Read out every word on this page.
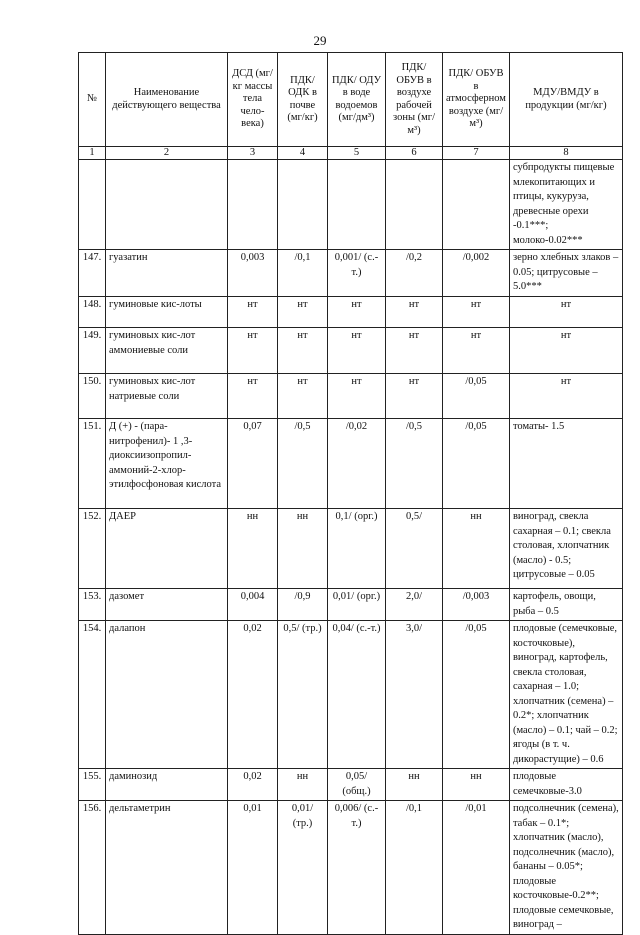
29
№	Наименование действующего вещества	ДСД (мг/кг массы тела чело-века)	ПДК/ ОДК в почве (мг/кг)	ПДК/ ОДУ в воде водоемов (мг/дм³)	ПДК/ ОБУВ в воздухе рабочей зоны (мг/м³)	ПДК/ ОБУВ в атмосферном воздухе (мг/м³)	МДУ/ВМДУ в продукции (мг/кг)
1	2	3	4	5	6	7	8
							субпродукты пищевые млекопитающих и птицы, кукуруза, древесные орехи -0.1***; молоко-0.02***
147.	гуазатин	0,003	/0,1	0,001/ (с.-т.)	/0,2	/0,002	зерно хлебных злаков – 0.05; цитрусовые – 5.0***
148.	гуминовые кис-лоты	нт	нт	нт	нт	нт	нт
149.	гуминовых кис-лот аммониевые соли	нт	нт	нт	нт	нт	нт
150.	гуминовых кис-лот натриевые соли	нт	нт	нт	нт	/0,05	нт
151.	Д (+) - (пара-нитрофенил)- 1 ,3-диоксиизопропил-аммоний-2-хлор-этилфосфоновая кислота	0,07	/0,5	/0,02	/0,5	/0,05	томаты- 1.5
152.	ДАЕР	нн	нн	0,1/ (орг.)	0,5/	нн	виноград, свекла сахарная – 0.1; свекла столовая, хлопчатник (масло) - 0.5; цитрусовые – 0.05
153.	дазомет	0,004	/0,9	0,01/ (орг.)	2,0/	/0,003	картофель, овощи, рыба – 0.5
154.	далапон	0,02	0,5/ (тр.)	0,04/ (с.-т.)	3,0/	/0,05	плодовые (семечковые, косточковые), виноград, картофель, свекла столовая, сахарная – 1.0; хлопчатник (семена) – 0.2*; хлопчатник (масло) – 0.1; чай – 0.2; ягоды (в т. ч. дикорастущие) – 0.6
155.	даминозид	0,02	нн	0,05/ (общ.)	нн	нн	плодовые семечковые-3.0
156.	дельтаметрин	0,01	0,01/ (тр.)	0,006/ (с.-т.)	/0,1	/0,01	подсолнечник (семена), табак – 0.1*; хлопчатник (масло), подсолнечник (масло), бананы – 0.05*; плодовые косточковые-0.2**; плодовые семечковые, виноград –
